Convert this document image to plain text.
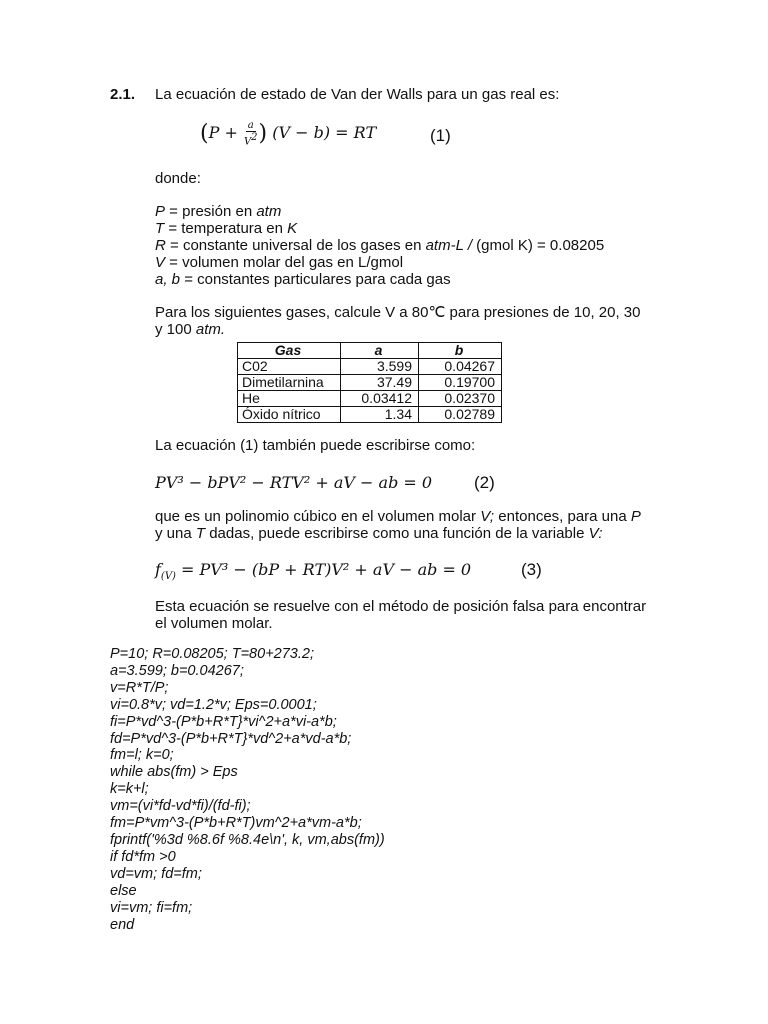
2.1. La ecuación de estado de Van der Walls para un gas real es:
($P + \frac{a}{V^2}$ ) (V − b) = RT	(1)
donde:
P = presión en atm
T = temperatura en K
R = constante universal de los gases en atm-L / (gmol K) = 0.08205
V = volumen molar del gas en L/gmol
a, b = constantes particulares para cada gas
Para los siguientes gases, calcule V a 80℃ para presiones de 10, 20, 30
y 100 atm.
Gas	a	b
C02	3.599	0.04267
Dimetilarnina	37.49	0.19700
He	0.03412	0.02370
Óxido nítrico	1.34	0.02789
La ecuación (1) también puede escribirse como:
PV³ − bPV² − RTV² + aV − ab = 0 (2)
que es un polinomio cúbico en el volumen molar V; entonces, para una P
y una T dadas, puede escribirse como una función de la variable V:
$f_{(V)} = PV^3 - (bP + RT)V^2$ + aV − ab = 0	(3)
Esta ecuación se resuelve con el método de posición falsa para encontrar
el volumen molar.
P=10; R=0.08205; T=80+273.2;
a=3.599; b=0.04267;
v=R*T/P;
vi=0.8*v; vd=1.2*v; Eps=0.0001;
fi=P*vd^3-(P*b+R*T}*vi^2+a*vi-a*b;
fd=P*vd^3-(P*b+R*T}*vd^2+a*vd-a*b;
fm=l; k=0;
while abs(fm) > Eps
k=k+l;
vm=(vi*fd-vd*fi)/(fd-fi);
fm=P*vm^3-(P*b+R*T)vm^2+a*vm-a*b;
fprintf('%3d %8.6f %8.4e\n', k, vm,abs(fm))
if fd*fm >0
vd=vm; fd=fm;
else
vi=vm; fi=fm;
end
